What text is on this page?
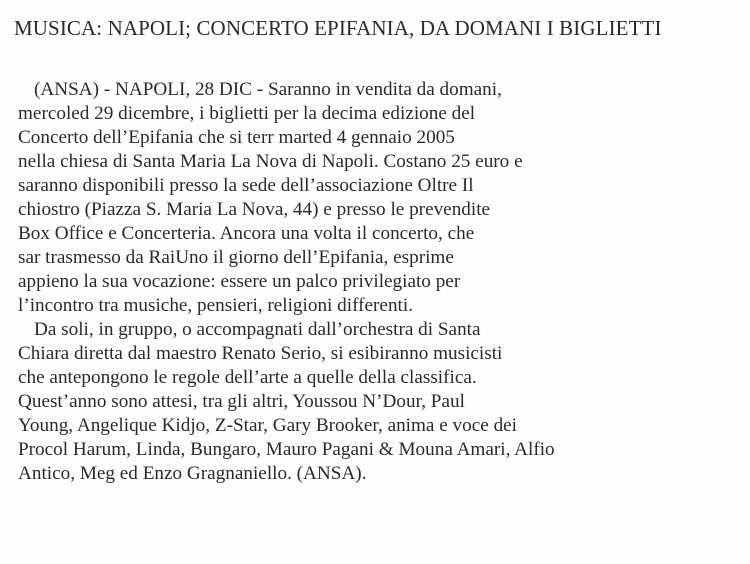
MUSICA: NAPOLI; CONCERTO EPIFANIA, DA DOMANI I BIGLIETTI
(ANSA) - NAPOLI, 28 DIC - Saranno in vendita da domani,
mercoled 29 dicembre, i biglietti per la decima edizione del
Concerto dell’Epifania che si terr marted 4 gennaio 2005
nella chiesa di Santa Maria La Nova di Napoli. Costano 25 euro e
saranno disponibili presso la sede dell’associazione Oltre Il
chiostro (Piazza S. Maria La Nova, 44) e presso le prevendite
Box Office e Concerteria. Ancora una volta il concerto, che
sar trasmesso da RaiUno il giorno dell’Epifania, esprime
appieno la sua vocazione: essere un palco privilegiato per
l’incontro tra musiche, pensieri, religioni differenti.
Da soli, in gruppo, o accompagnati dall’orchestra di Santa
Chiara diretta dal maestro Renato Serio, si esibiranno musicisti
che antepongono le regole dell’arte a quelle della classifica.
Quest’anno sono attesi, tra gli altri, Youssou N’Dour, Paul
Young, Angelique Kidjo, Z-Star, Gary Brooker, anima e voce dei
Procol Harum, Linda, Bungaro, Mauro Pagani & Mouna Amari, Alfio
Antico, Meg ed Enzo Gragnaniello. (ANSA).
